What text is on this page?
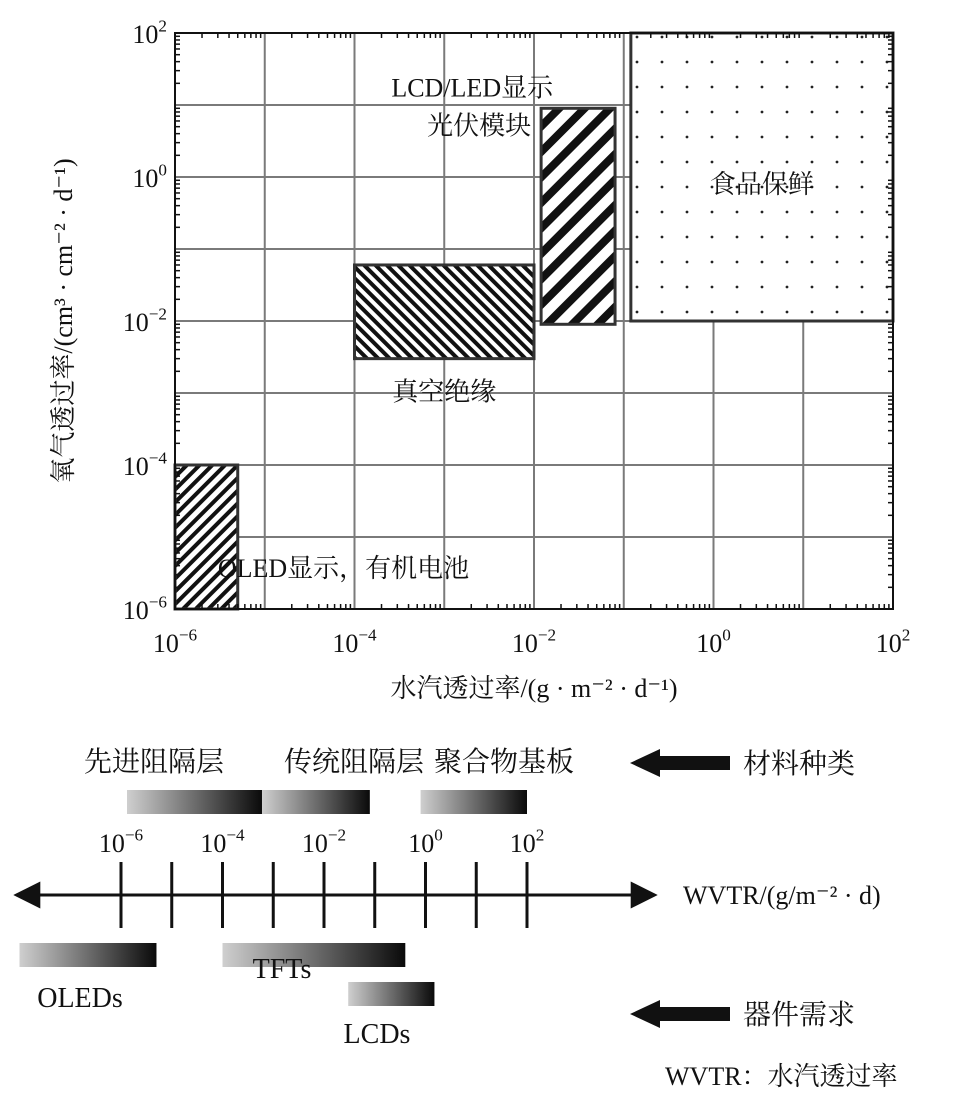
$10^{-6}$	$10^{-4}$	$10^{-2}$	$10^0$	$10^2$
$10^{-6}$
$10^{-4}$
$10^{-2}$
$10^0$
$10^2$
OLED显示，有机电池
真空绝缘
LCD/LED显示
光伏模块
食品保鲜
水汽透过率/(g · m⁻² · d⁻¹)
氧气透过率/(cm³ · cm⁻² · d⁻¹)
先进阻隔层 传统阻隔层 聚合物基板
$10^{-6}$ $10^{-4}$ $10^{-2}$ $10^0$	$10^2$
WVTR/(g/m⁻² · d)
OLEDs
TFTs
LCDs
材料种类
器件需求
WVTR：水汽透过率
